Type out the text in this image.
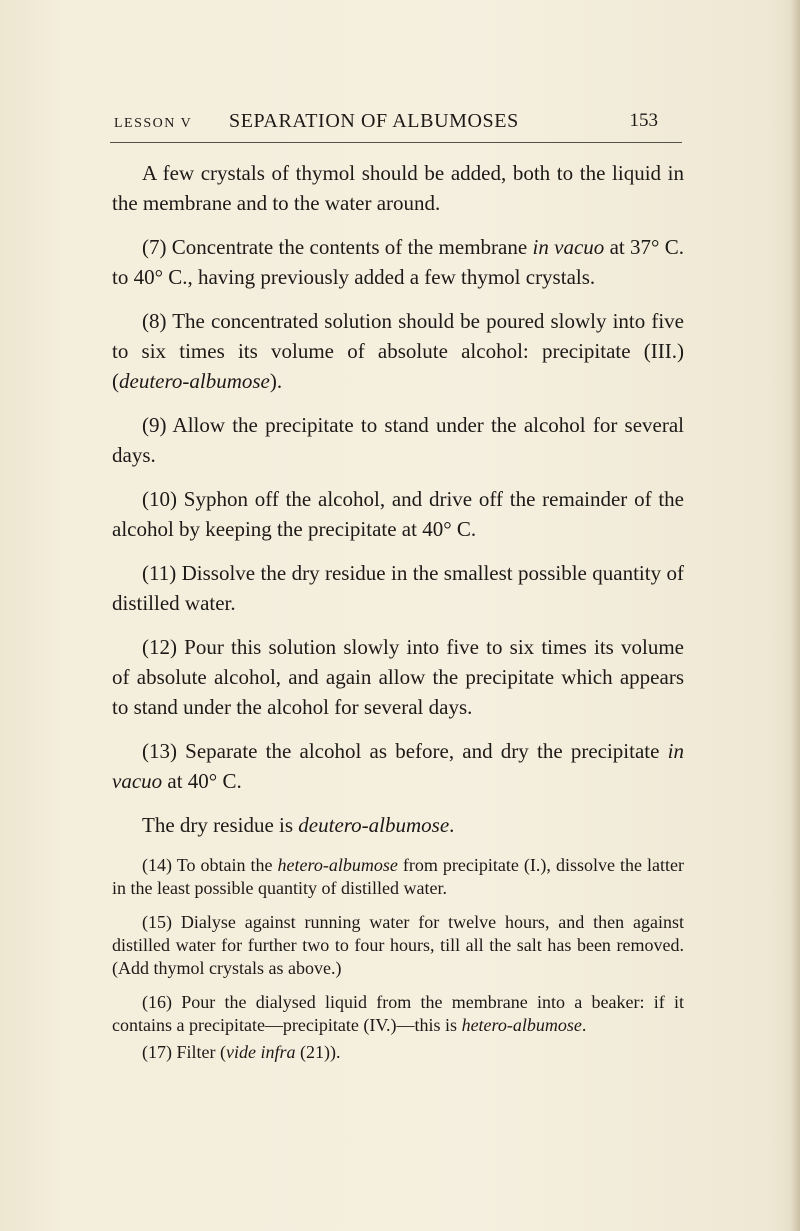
LESSON V SEPARATION OF ALBUMOSES	153

A few crystals of thymol should be added, both to the liquid in the membrane and to the water around.

(7) Concentrate the contents of the membrane in vacuo at 37° C. to 40° C., having previously added a few thymol crystals.

(8) The concentrated solution should be poured slowly into five to six times its volume of absolute alcohol: precipitate (III.) (deutero-albumose).

(9) Allow the precipitate to stand under the alcohol for several days.

(10) Syphon off the alcohol, and drive off the remainder of the alcohol by keeping the precipitate at 40° C.

(11) Dissolve the dry residue in the smallest possible quantity of distilled water.

(12) Pour this solution slowly into five to six times its volume of absolute alcohol, and again allow the precipitate which appears to stand under the alcohol for several days.

(13) Separate the alcohol as before, and dry the precipitate in vacuo at 40° C.

The dry residue is deutero-albumose.

(14) To obtain the hetero-albumose from precipitate (I.), dissolve the latter in the least possible quantity of distilled water.

(15) Dialyse against running water for twelve hours, and then against distilled water for further two to four hours, till all the salt has been removed. (Add thymol crystals as above.)

(16) Pour the dialysed liquid from the membrane into a beaker: if it contains a precipitate—precipitate (IV.)—this is hetero-albumose.

(17) Filter (vide infra (21)).
